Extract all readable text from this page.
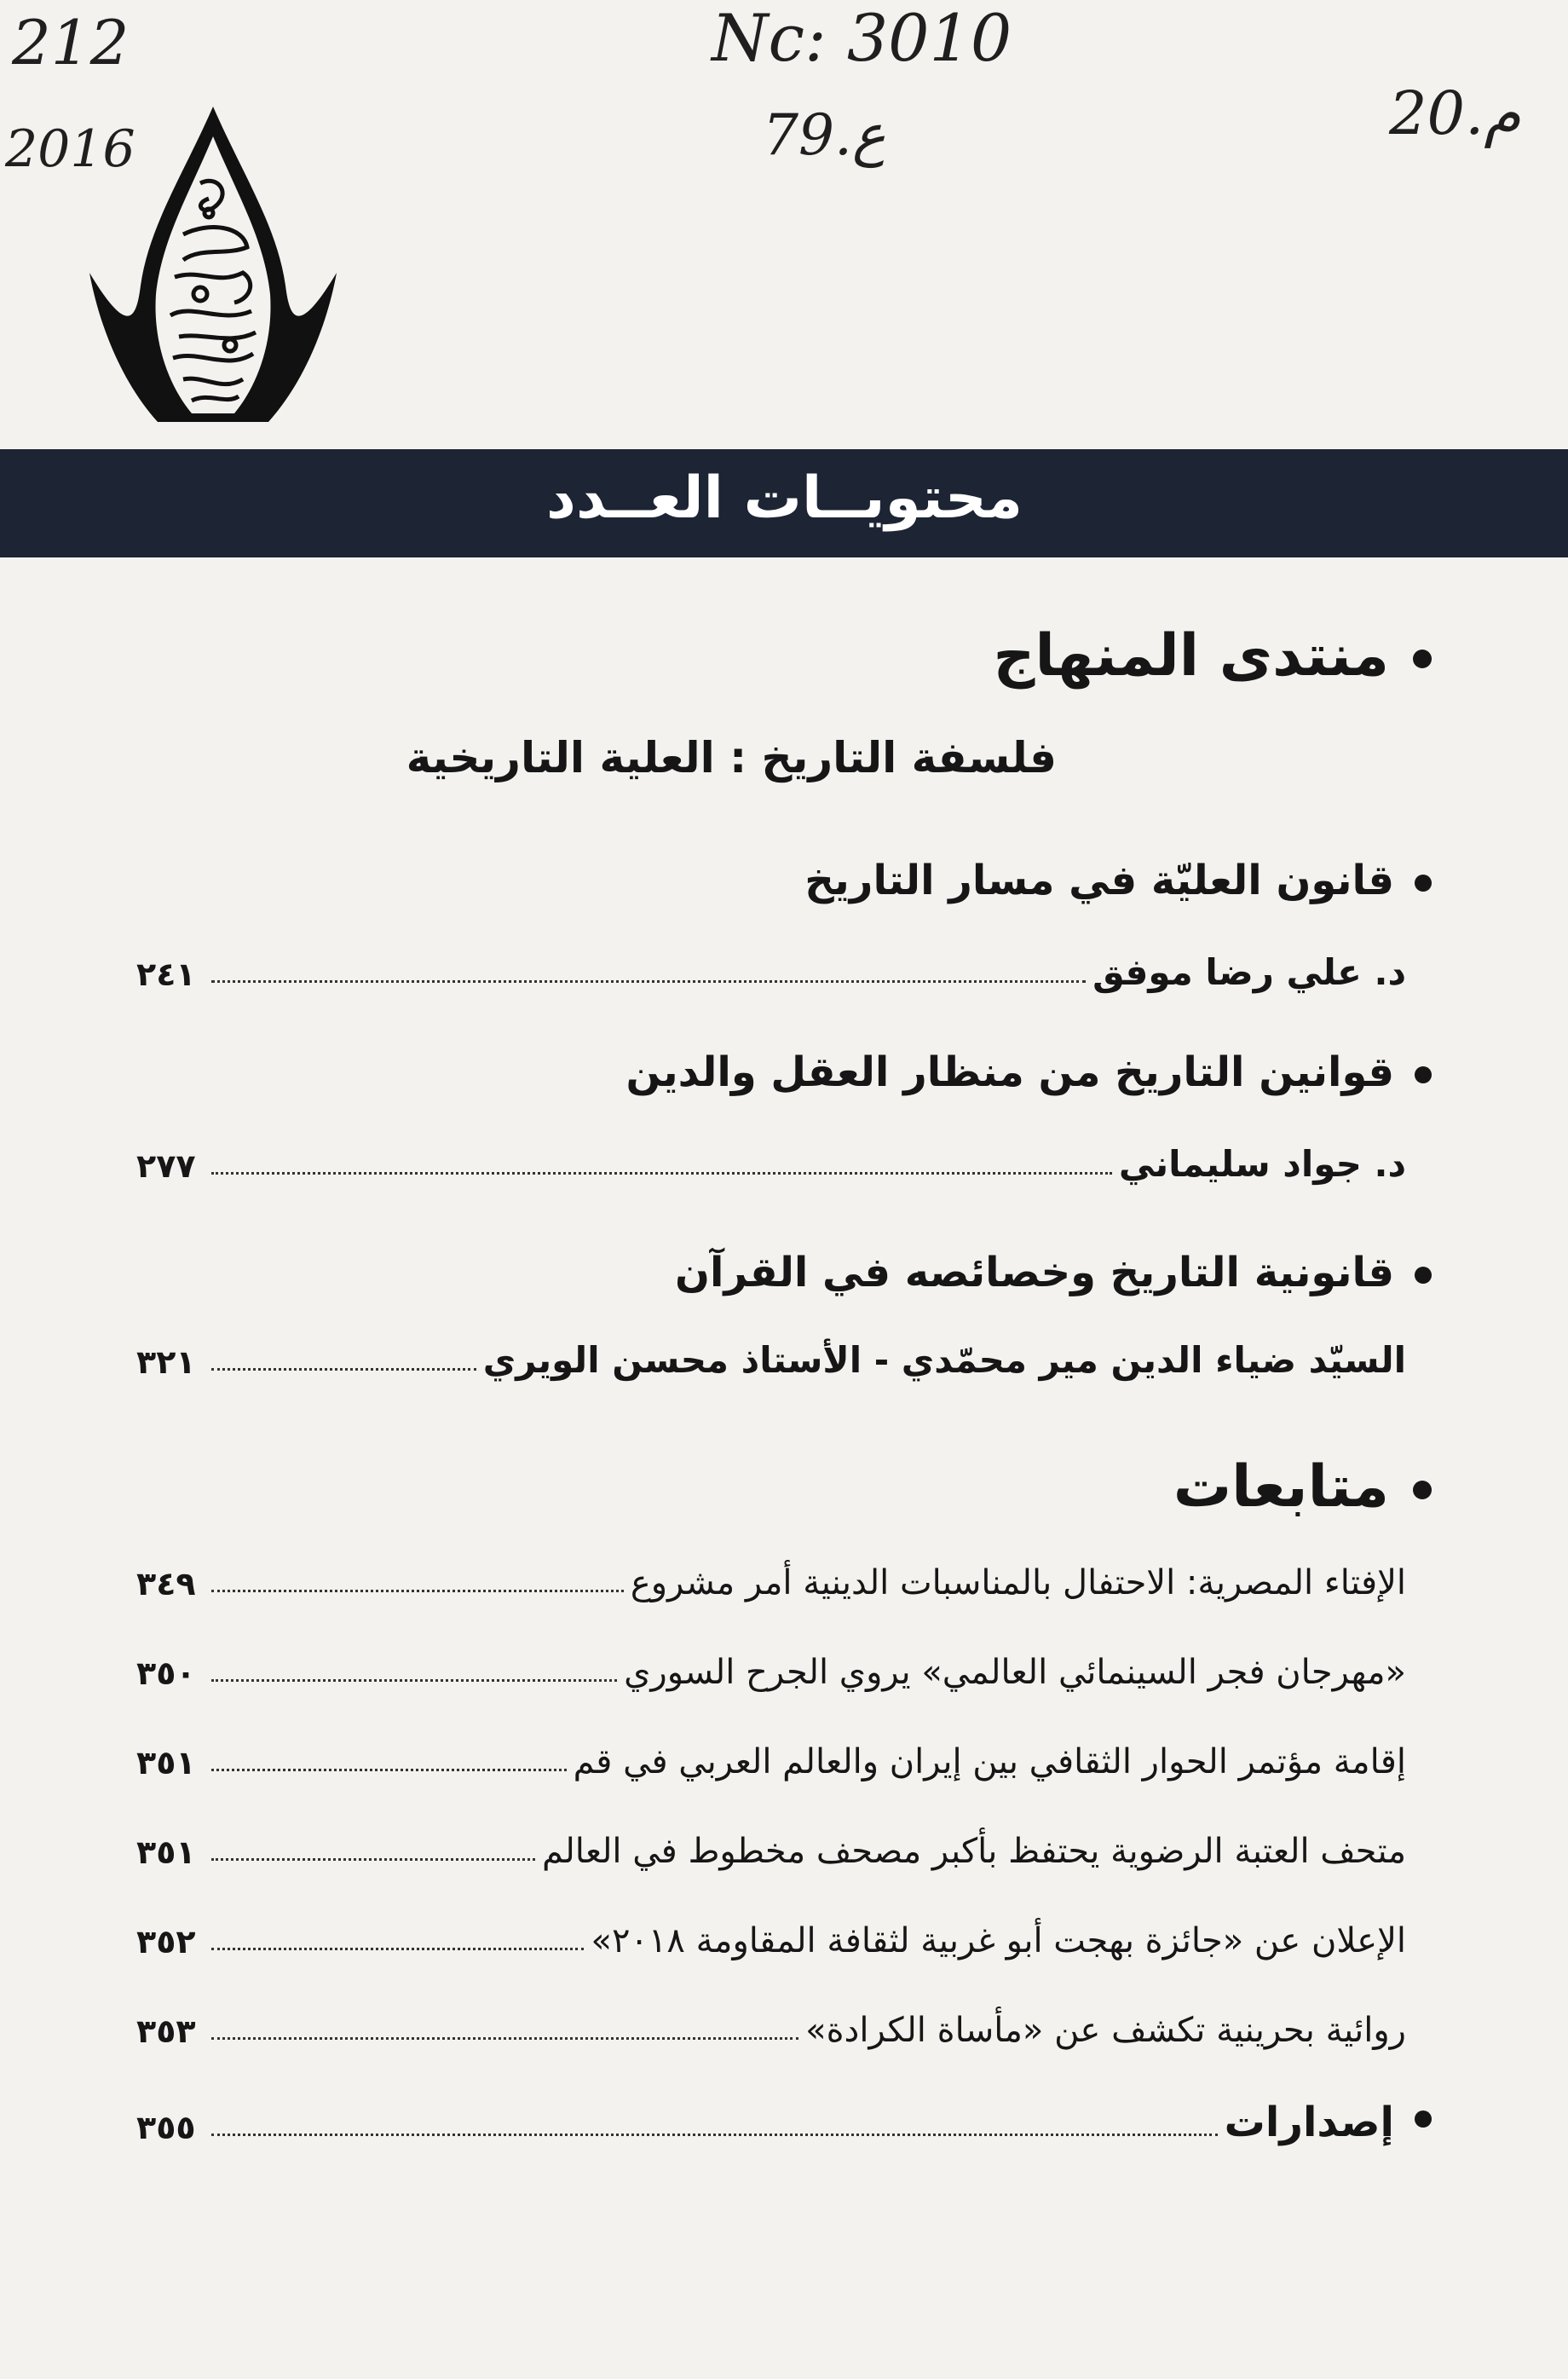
212
2016
Nc: 3010
79.ع	20.م
محتويــات العــدد
منتدى المنهاج
فلسفة التاريخ : العلية التاريخية
قانون العليّة في مسار التاريخ
د. علي رضا موفق
٢٤١
قوانين التاريخ من منظار العقل والدين
د. جواد سليماني
٢٧٧
قانونية التاريخ وخصائصه في القرآن
السيّد ضياء الدين مير محمّدي - الأستاذ محسن الويري
٣٢١
متابعات
الإفتاء المصرية: الاحتفال بالمناسبات الدينية أمر مشروع
٣٤٩
«مهرجان فجر السينمائي العالمي» يروي الجرح السوري
٣٥٠
إقامة مؤتمر الحوار الثقافي بين إيران والعالم العربي في قم
٣٥١
متحف العتبة الرضوية يحتفظ بأكبر مصحف مخطوط في العالم
٣٥١
الإعلان عن «جائزة بهجت أبو غربية لثقافة المقاومة ٢٠١٨»
٣٥٢
روائية بحرينية تكشف عن «مأساة الكرادة»
٣٥٣
إصدارات
٣٥٥
